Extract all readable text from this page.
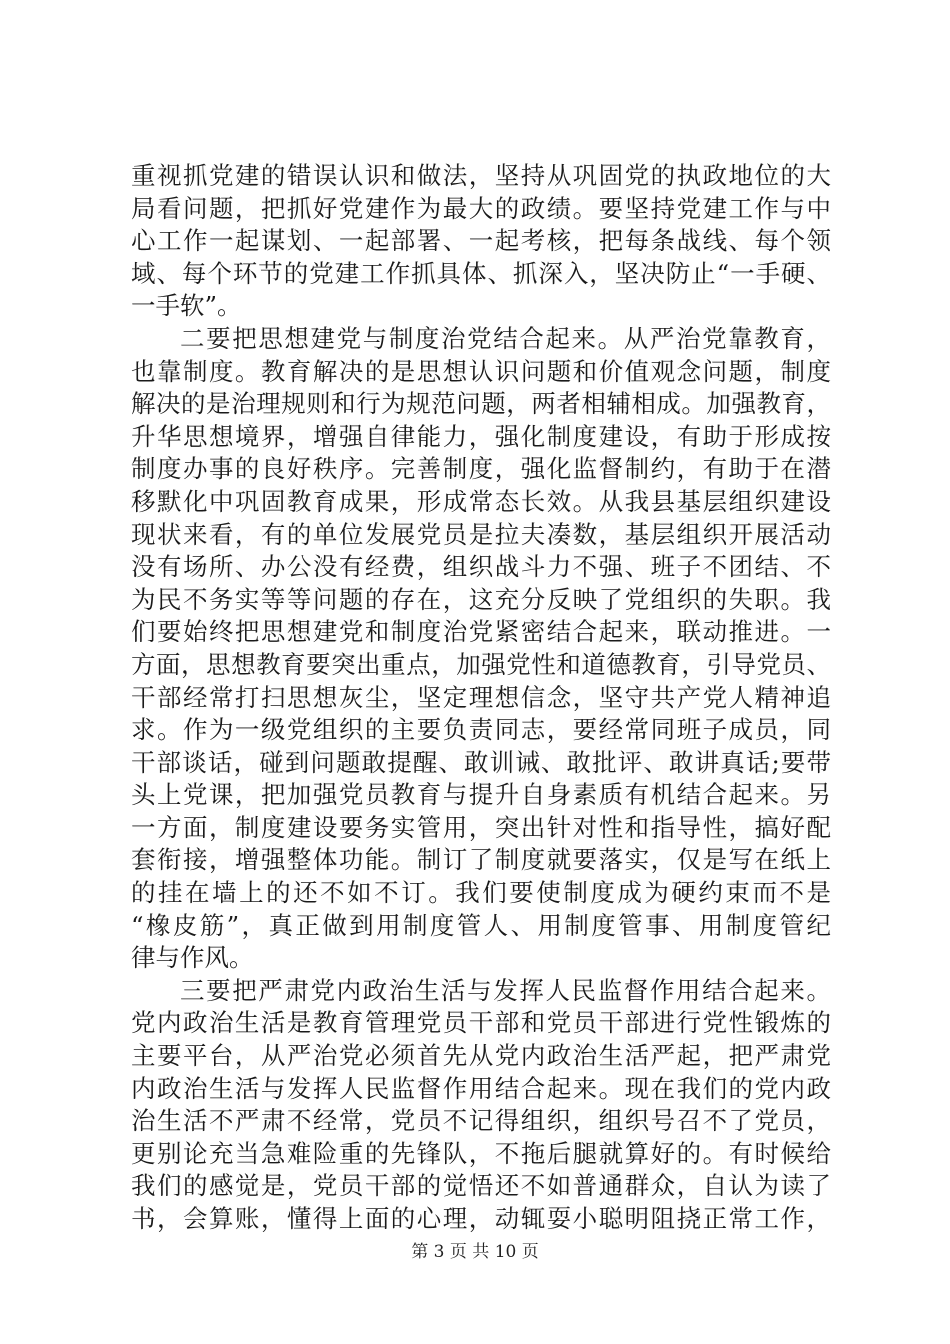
重视抓党建的错误认识和做法，坚持从巩固党的执政地位的大
局看问题，把抓好党建作为最大的政绩。要坚持党建工作与中
心工作一起谋划、一起部署、一起考核，把每条战线、每个领
域、每个环节的党建工作抓具体、抓深入，坚决防止“一手硬、
一手软”。
二要把思想建党与制度治党结合起来。从严治党靠教育，
也靠制度。教育解决的是思想认识问题和价值观念问题，制度
解决的是治理规则和行为规范问题，两者相辅相成。加强教育，
升华思想境界，增强自律能力，强化制度建设，有助于形成按
制度办事的良好秩序。完善制度，强化监督制约，有助于在潜
移默化中巩固教育成果，形成常态长效。从我县基层组织建设
现状来看，有的单位发展党员是拉夫凑数，基层组织开展活动
没有场所、办公没有经费，组织战斗力不强、班子不团结、不
为民不务实等等问题的存在，这充分反映了党组织的失职。我
们要始终把思想建党和制度治党紧密结合起来，联动推进。一
方面，思想教育要突出重点，加强党性和道德教育，引导党员、
干部经常打扫思想灰尘，坚定理想信念，坚守共产党人精神追
求。作为一级党组织的主要负责同志，要经常同班子成员，同
干部谈话，碰到问题敢提醒、敢训诫、敢批评、敢讲真话;要带
头上党课，把加强党员教育与提升自身素质有机结合起来。另
一方面，制度建设要务实管用，突出针对性和指导性，搞好配
套衔接，增强整体功能。制订了制度就要落实，仅是写在纸上
的挂在墙上的还不如不订。我们要使制度成为硬约束而不是
“橡皮筋”，真正做到用制度管人、用制度管事、用制度管纪
律与作风。
三要把严肃党内政治生活与发挥人民监督作用结合起来。
党内政治生活是教育管理党员干部和党员干部进行党性锻炼的
主要平台，从严治党必须首先从党内政治生活严起，把严肃党
内政治生活与发挥人民监督作用结合起来。现在我们的党内政
治生活不严肃不经常，党员不记得组织，组织号召不了党员，
更别论充当急难险重的先锋队，不拖后腿就算好的。有时候给
我们的感觉是，党员干部的觉悟还不如普通群众，自认为读了
书，会算账，懂得上面的心理，动辄耍小聪明阻挠正常工作，
第 3 页 共 10 页
